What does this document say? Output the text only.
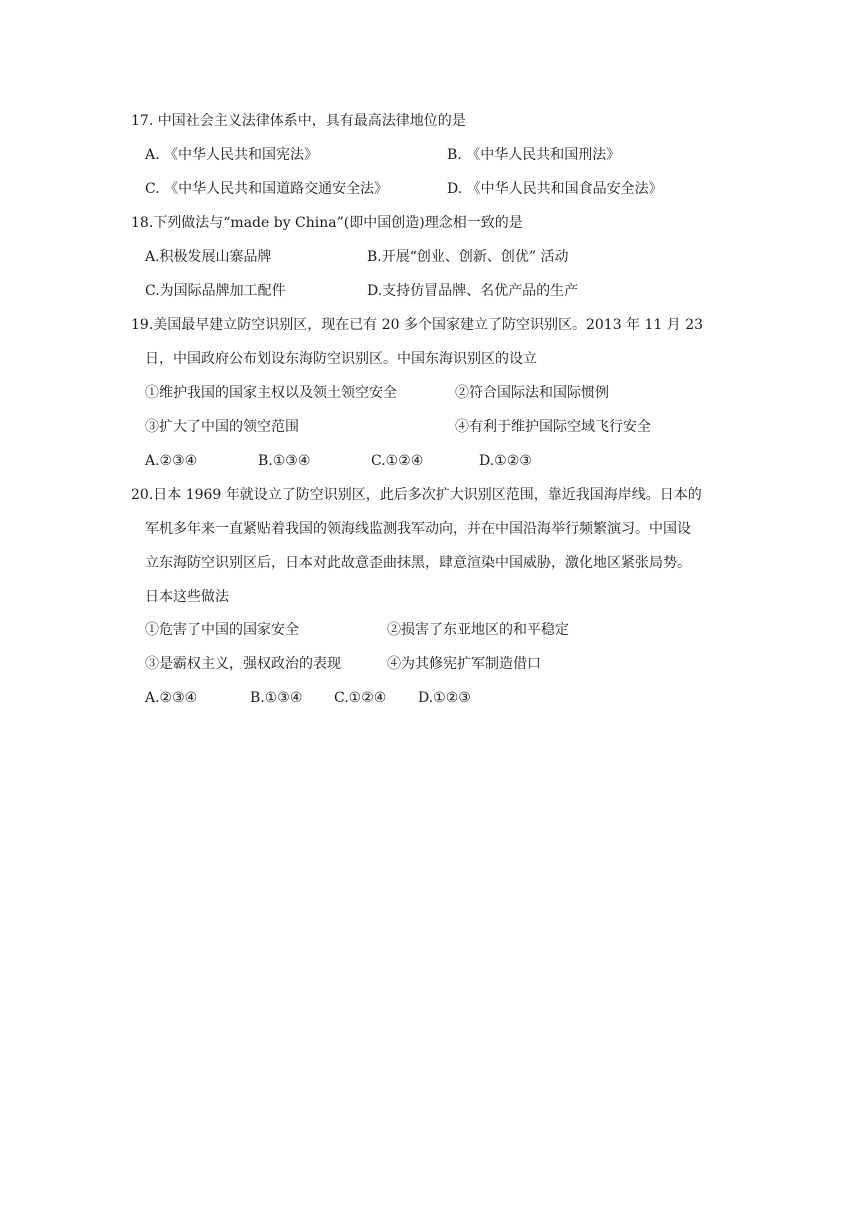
17. 中国社会主义法律体系中，具有最高法律地位的是
A. 《中华人民共和国宪法》	B. 《中华人民共和国刑法》
C. 《中华人民共和国道路交通安全法》	D. 《中华人民共和国食品安全法》
18.下列做法与“made by China”(即中国创造)理念相一致的是
A.积极发展山寨品牌	B.开展“创业、创新、创优” 活动
C.为国际品牌加工配件	D.支持仿冒品牌、名优产品的生产
19.美国最早建立防空识别区，现在已有 20 多个国家建立了防空识别区。2013 年 11 月 23
日，中国政府公布划设东海防空识别区。中国东海识别区的设立
①维护我国的国家主权以及领土领空安全	②符合国际法和国际惯例
③扩大了中国的领空范围	④有利于维护国际空域飞行安全
A.②③④	B.①③④	C.①②④	D.①②③
20.日本 1969 年就设立了防空识别区，此后多次扩大识别区范围，靠近我国海岸线。日本的
军机多年来一直紧贴着我国的领海线监测我军动向，并在中国沿海举行频繁演习。中国设
立东海防空识别区后，日本对此故意歪曲抹黑，肆意渲染中国威胁，激化地区紧张局势。
日本这些做法
①危害了中国的国家安全	②损害了东亚地区的和平稳定
③是霸权主义，强权政治的表现	④为其修宪扩军制造借口
A.②③④	B.①③④ C.①②④ D.①②③
